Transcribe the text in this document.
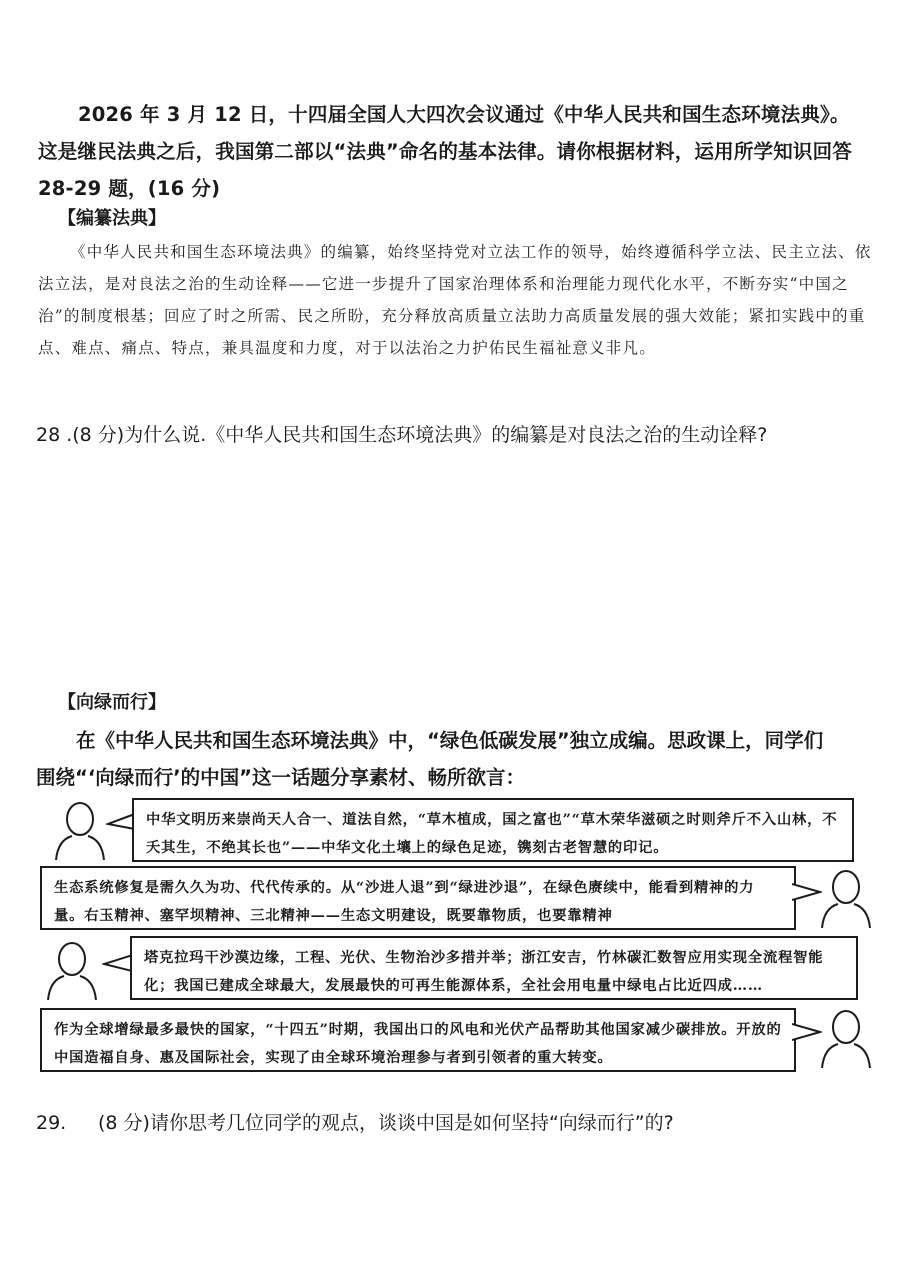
2026 年 3 月 12 日，十四届全国人大四次会议通过《中华人民共和国生态环境法典》。
这是继民法典之后，我国第二部以“法典”命名的基本法律。请你根据材料，运用所学知识回答
28-29 题，(16 分)
【编纂法典】
《中华人民共和国生态环境法典》的编纂，始终坚持党对立法工作的领导，始终遵循科学立法、民主立法、依法立法，是对良法之治的生动诠释——它进一步提升了国家治理体系和治理能力现代化水平，不断夯实“中国之治”的制度根基；回应了时之所需、民之所盼，充分释放高质量立法助力高质量发展的强大效能；紧扣实践中的重点、难点、痛点、特点，兼具温度和力度，对于以法治之力护佑民生福祉意义非凡。
28 .(8 分)为什么说.《中华人民共和国生态环境法典》的编纂是对良法之治的生动诠释?
【向绿而行】
在《中华人民共和国生态环境法典》中，“绿色低碳发展”独立成编。思政课上，同学们
围绕“‘向绿而行’的中国”这一话题分享素材、畅所欲言：
中华文明历来崇尚天人合一、道法自然，“草木植成，国之富也”“草木荣华滋硕之时则斧斤不入山林，不夭其生，不绝其长也”——中华文化土壤上的绿色足迹，镌刻古老智慧的印记。
生态系统修复是需久久为功、代代传承的。从“沙进人退”到“绿进沙退”，在绿色赓续中，能看到精神的力量。右玉精神、塞罕坝精神、三北精神——生态文明建设，既要靠物质，也要靠精神
塔克拉玛干沙漠边缘，工程、光伏、生物治沙多措并举；浙江安吉，竹林碳汇数智应用实现全流程智能化；我国已建成全球最大，发展最快的可再生能源体系，全社会用电量中绿电占比近四成……
作为全球增绿最多最快的国家，“十四五”时期，我国出口的风电和光伏产品帮助其他国家减少碳排放。开放的中国造福自身、惠及国际社会，实现了由全球环境治理参与者到引领者的重大转变。
29. (8 分)请你思考几位同学的观点，谈谈中国是如何坚持“向绿而行”的?
